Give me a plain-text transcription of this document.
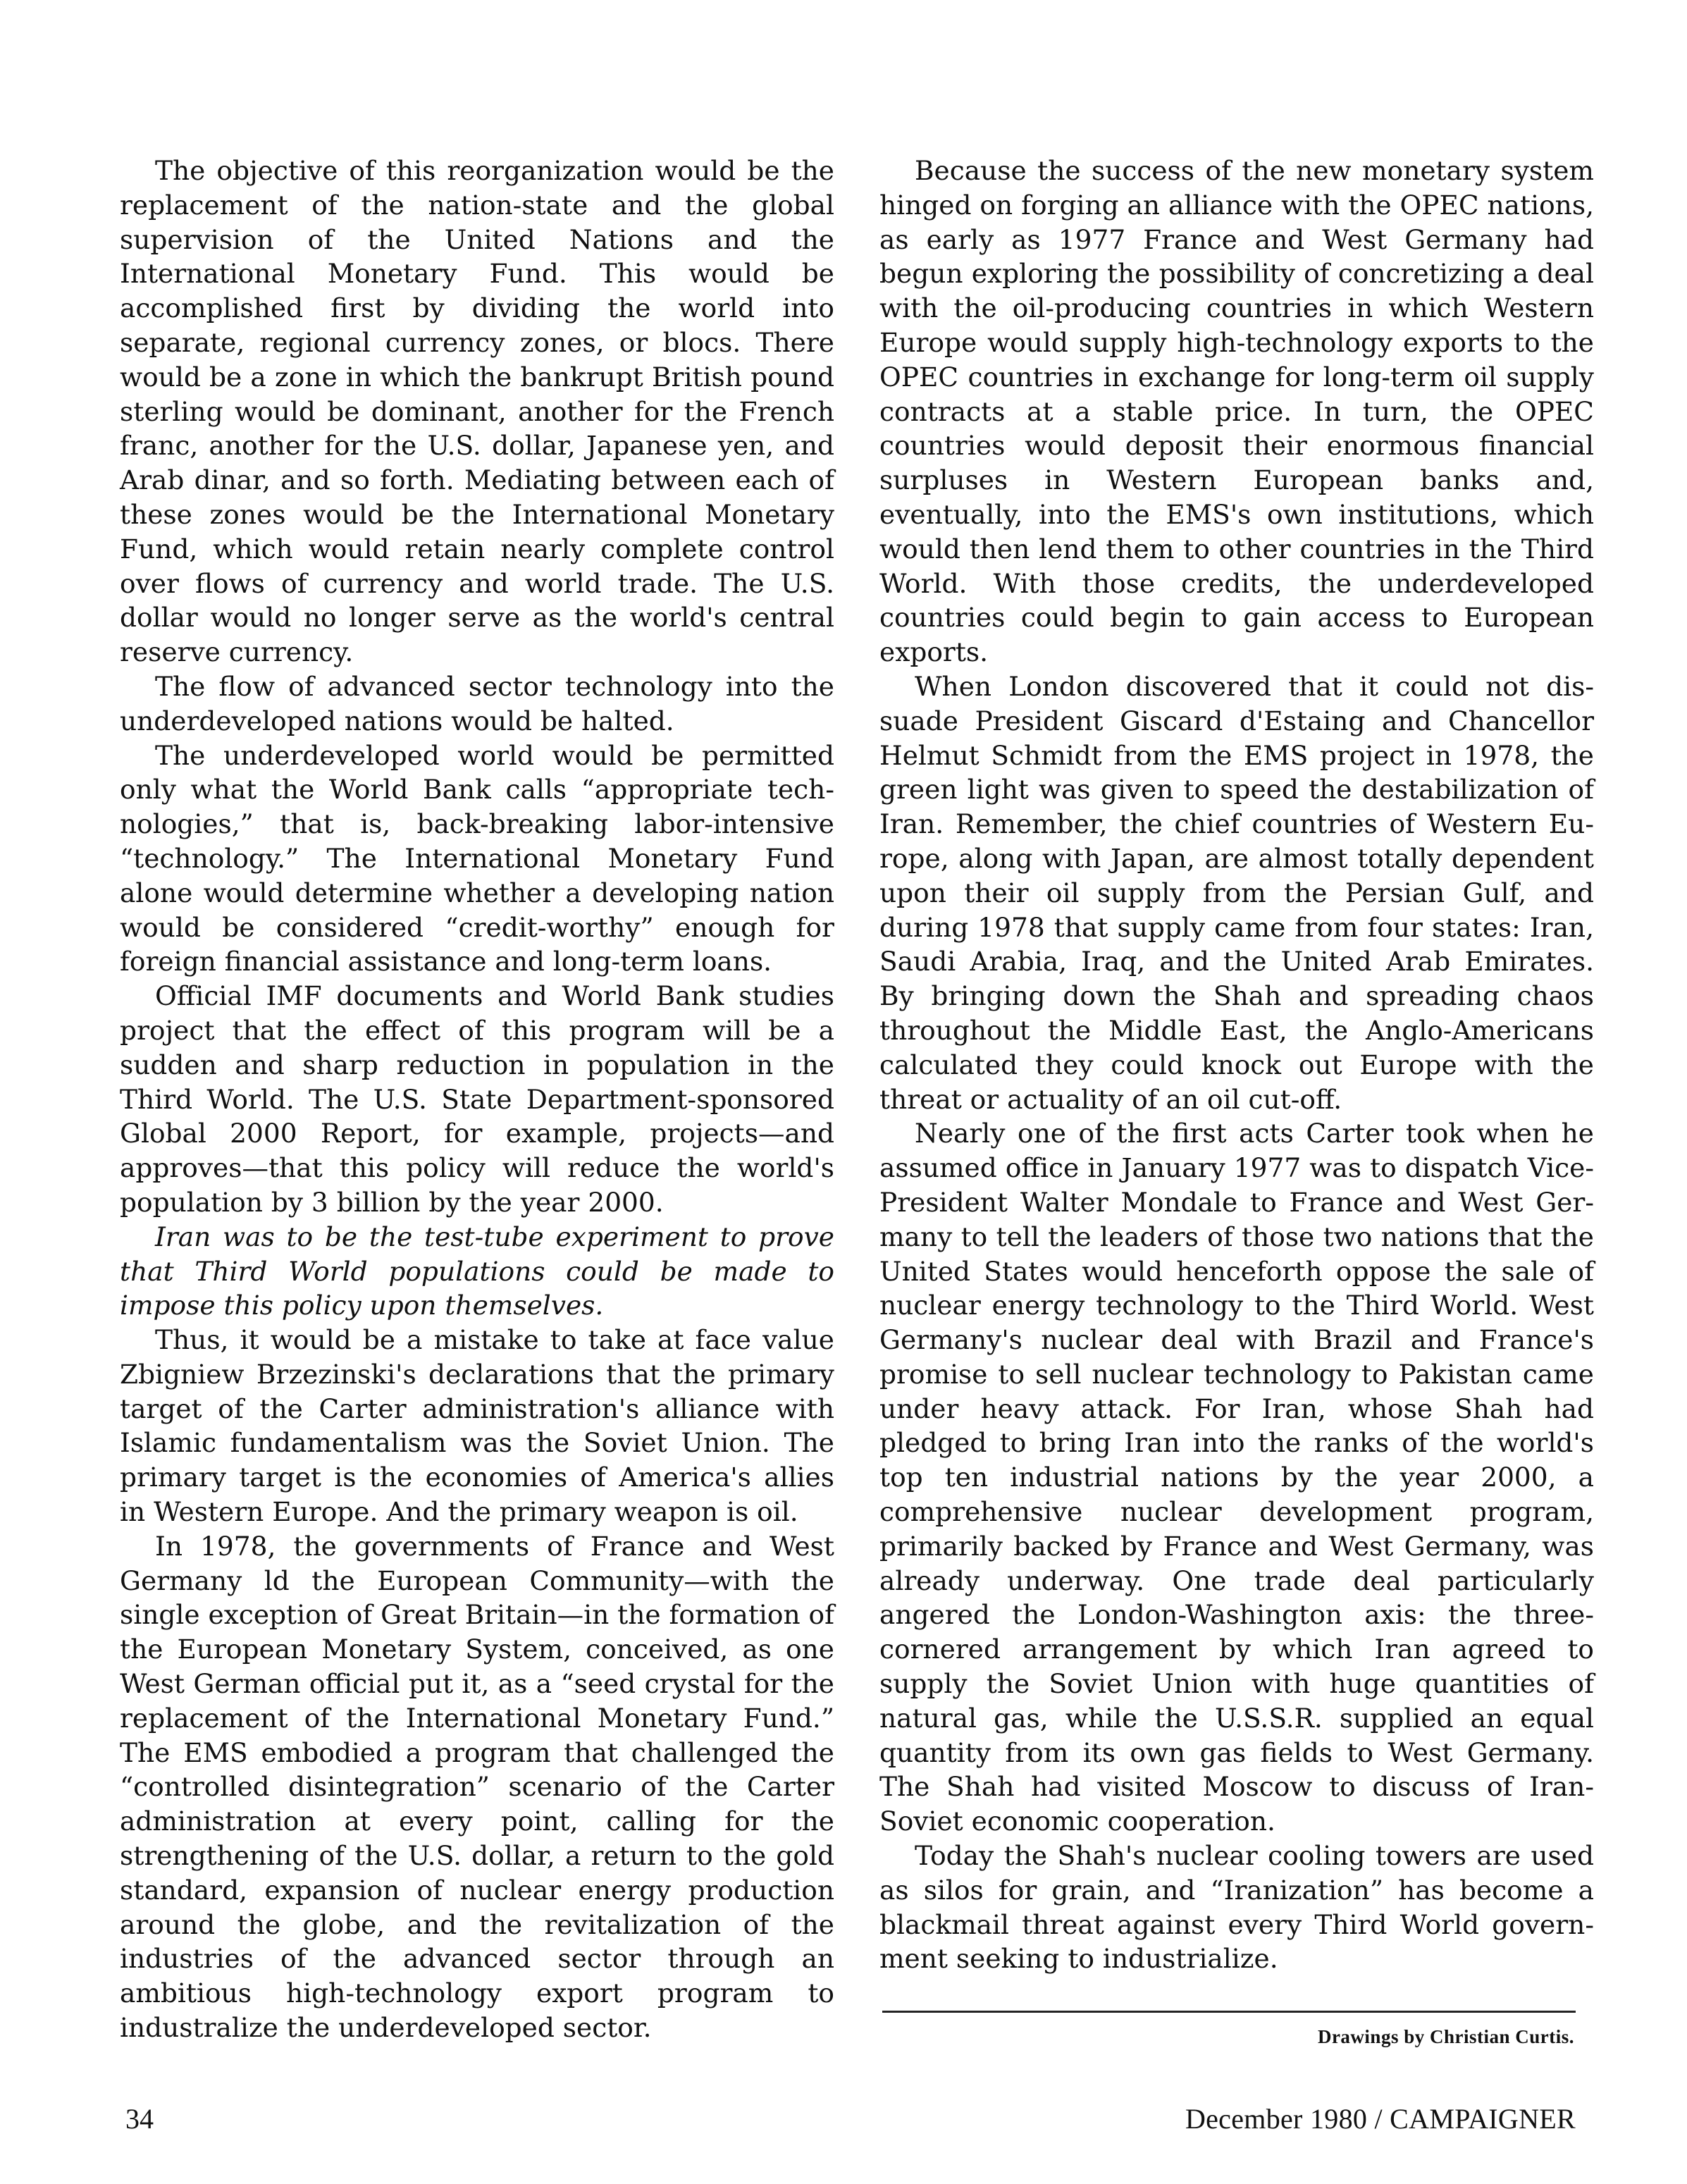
The objective of this reorganization would be the replacement of the nation-state and the global supervision of the United Nations and the International Monetary Fund. This would be accomplished first by dividing the world into separate, regional currency zones, or blocs. There would be a zone in which the bankrupt British pound sterling would be dominant, another for the French franc, another for the U.S. dollar, Japanese yen, and Arab dinar, and so forth. Mediating between each of these zones would be the International Monetary Fund, which would retain nearly complete control over flows of currency and world trade. The U.S. dollar would no longer serve as the world's central reserve currency.

The flow of advanced sector technology into the underdeveloped nations would be halted.

The underdeveloped world would be permitted only what the World Bank calls “appropriate technologies,” that is, back-breaking labor-intensive “technology.” The International Monetary Fund alone would determine whether a developing nation would be considered “credit-worthy” enough for foreign financial assistance and long-term loans.

Official IMF documents and World Bank studies project that the effect of this program will be a sudden and sharp reduction in population in the Third World. The U.S. State Department-sponsored Global 2000 Report, for example, projects—and approves—that this policy will reduce the world's population by 3 billion by the year 2000.

Iran was to be the test-tube experiment to prove that Third World populations could be made to impose this policy upon themselves.

Thus, it would be a mistake to take at face value Zbigniew Brzezinski's declarations that the primary target of the Carter administration's alliance with Islamic fundamentalism was the Soviet Union. The primary target is the economies of America's allies in Western Europe. And the primary weapon is oil.

In 1978, the governments of France and West Germany ld the European Community—with the single exception of Great Britain—in the formation of the European Monetary System, conceived, as one West German official put it, as a “seed crystal for the replacement of the International Monetary Fund.” The EMS embodied a program that challenged the “controlled disintegration” scenario of the Carter administration at every point, calling for the strengthening of the U.S. dollar, a return to the gold standard, expansion of nuclear energy production around the globe, and the revitalization of the industries of the advanced sector through an ambitious high-technology export program to industralize the underdeveloped sector.

Because the success of the new monetary system hinged on forging an alliance with the OPEC nations, as early as 1977 France and West Germany had begun exploring the possibility of concretizing a deal with the oil-producing countries in which Western Europe would supply high-technology exports to the OPEC countries in exchange for long-term oil supply contracts at a stable price. In turn, the OPEC countries would deposit their enormous financial surpluses in Western European banks and, eventually, into the EMS's own institutions, which would then lend them to other countries in the Third World. With those credits, the underdeveloped countries could begin to gain access to European exports.

When London discovered that it could not dissuade President Giscard d'Estaing and Chancellor Helmut Schmidt from the EMS project in 1978, the green light was given to speed the destabilization of Iran. Remember, the chief countries of Western Europe, along with Japan, are almost totally dependent upon their oil supply from the Persian Gulf, and during 1978 that supply came from four states: Iran, Saudi Arabia, Iraq, and the United Arab Emirates. By bringing down the Shah and spreading chaos throughout the Middle East, the Anglo-Americans calculated they could knock out Europe with the threat or actuality of an oil cut-off.

Nearly one of the first acts Carter took when he assumed office in January 1977 was to dispatch Vice-President Walter Mondale to France and West Germany to tell the leaders of those two nations that the United States would henceforth oppose the sale of nuclear energy technology to the Third World. West Germany's nuclear deal with Brazil and France's promise to sell nuclear technology to Pakistan came under heavy attack. For Iran, whose Shah had pledged to bring Iran into the ranks of the world's top ten industrial nations by the year 2000, a comprehensive nuclear development program, primarily backed by France and West Germany, was already underway. One trade deal particularly angered the London-Washington axis: the three-cornered arrangement by which Iran agreed to supply the Soviet Union with huge quantities of natural gas, while the U.S.S.R. supplied an equal quantity from its own gas fields to West Germany. The Shah had visited Moscow to discuss of Iran-Soviet economic cooperation.

Today the Shah's nuclear cooling towers are used as silos for grain, and “Iranization” has become a blackmail threat against every Third World government seeking to industrialize.

Drawings by Christian Curtis.
34	December 1980 / CAMPAIGNER
